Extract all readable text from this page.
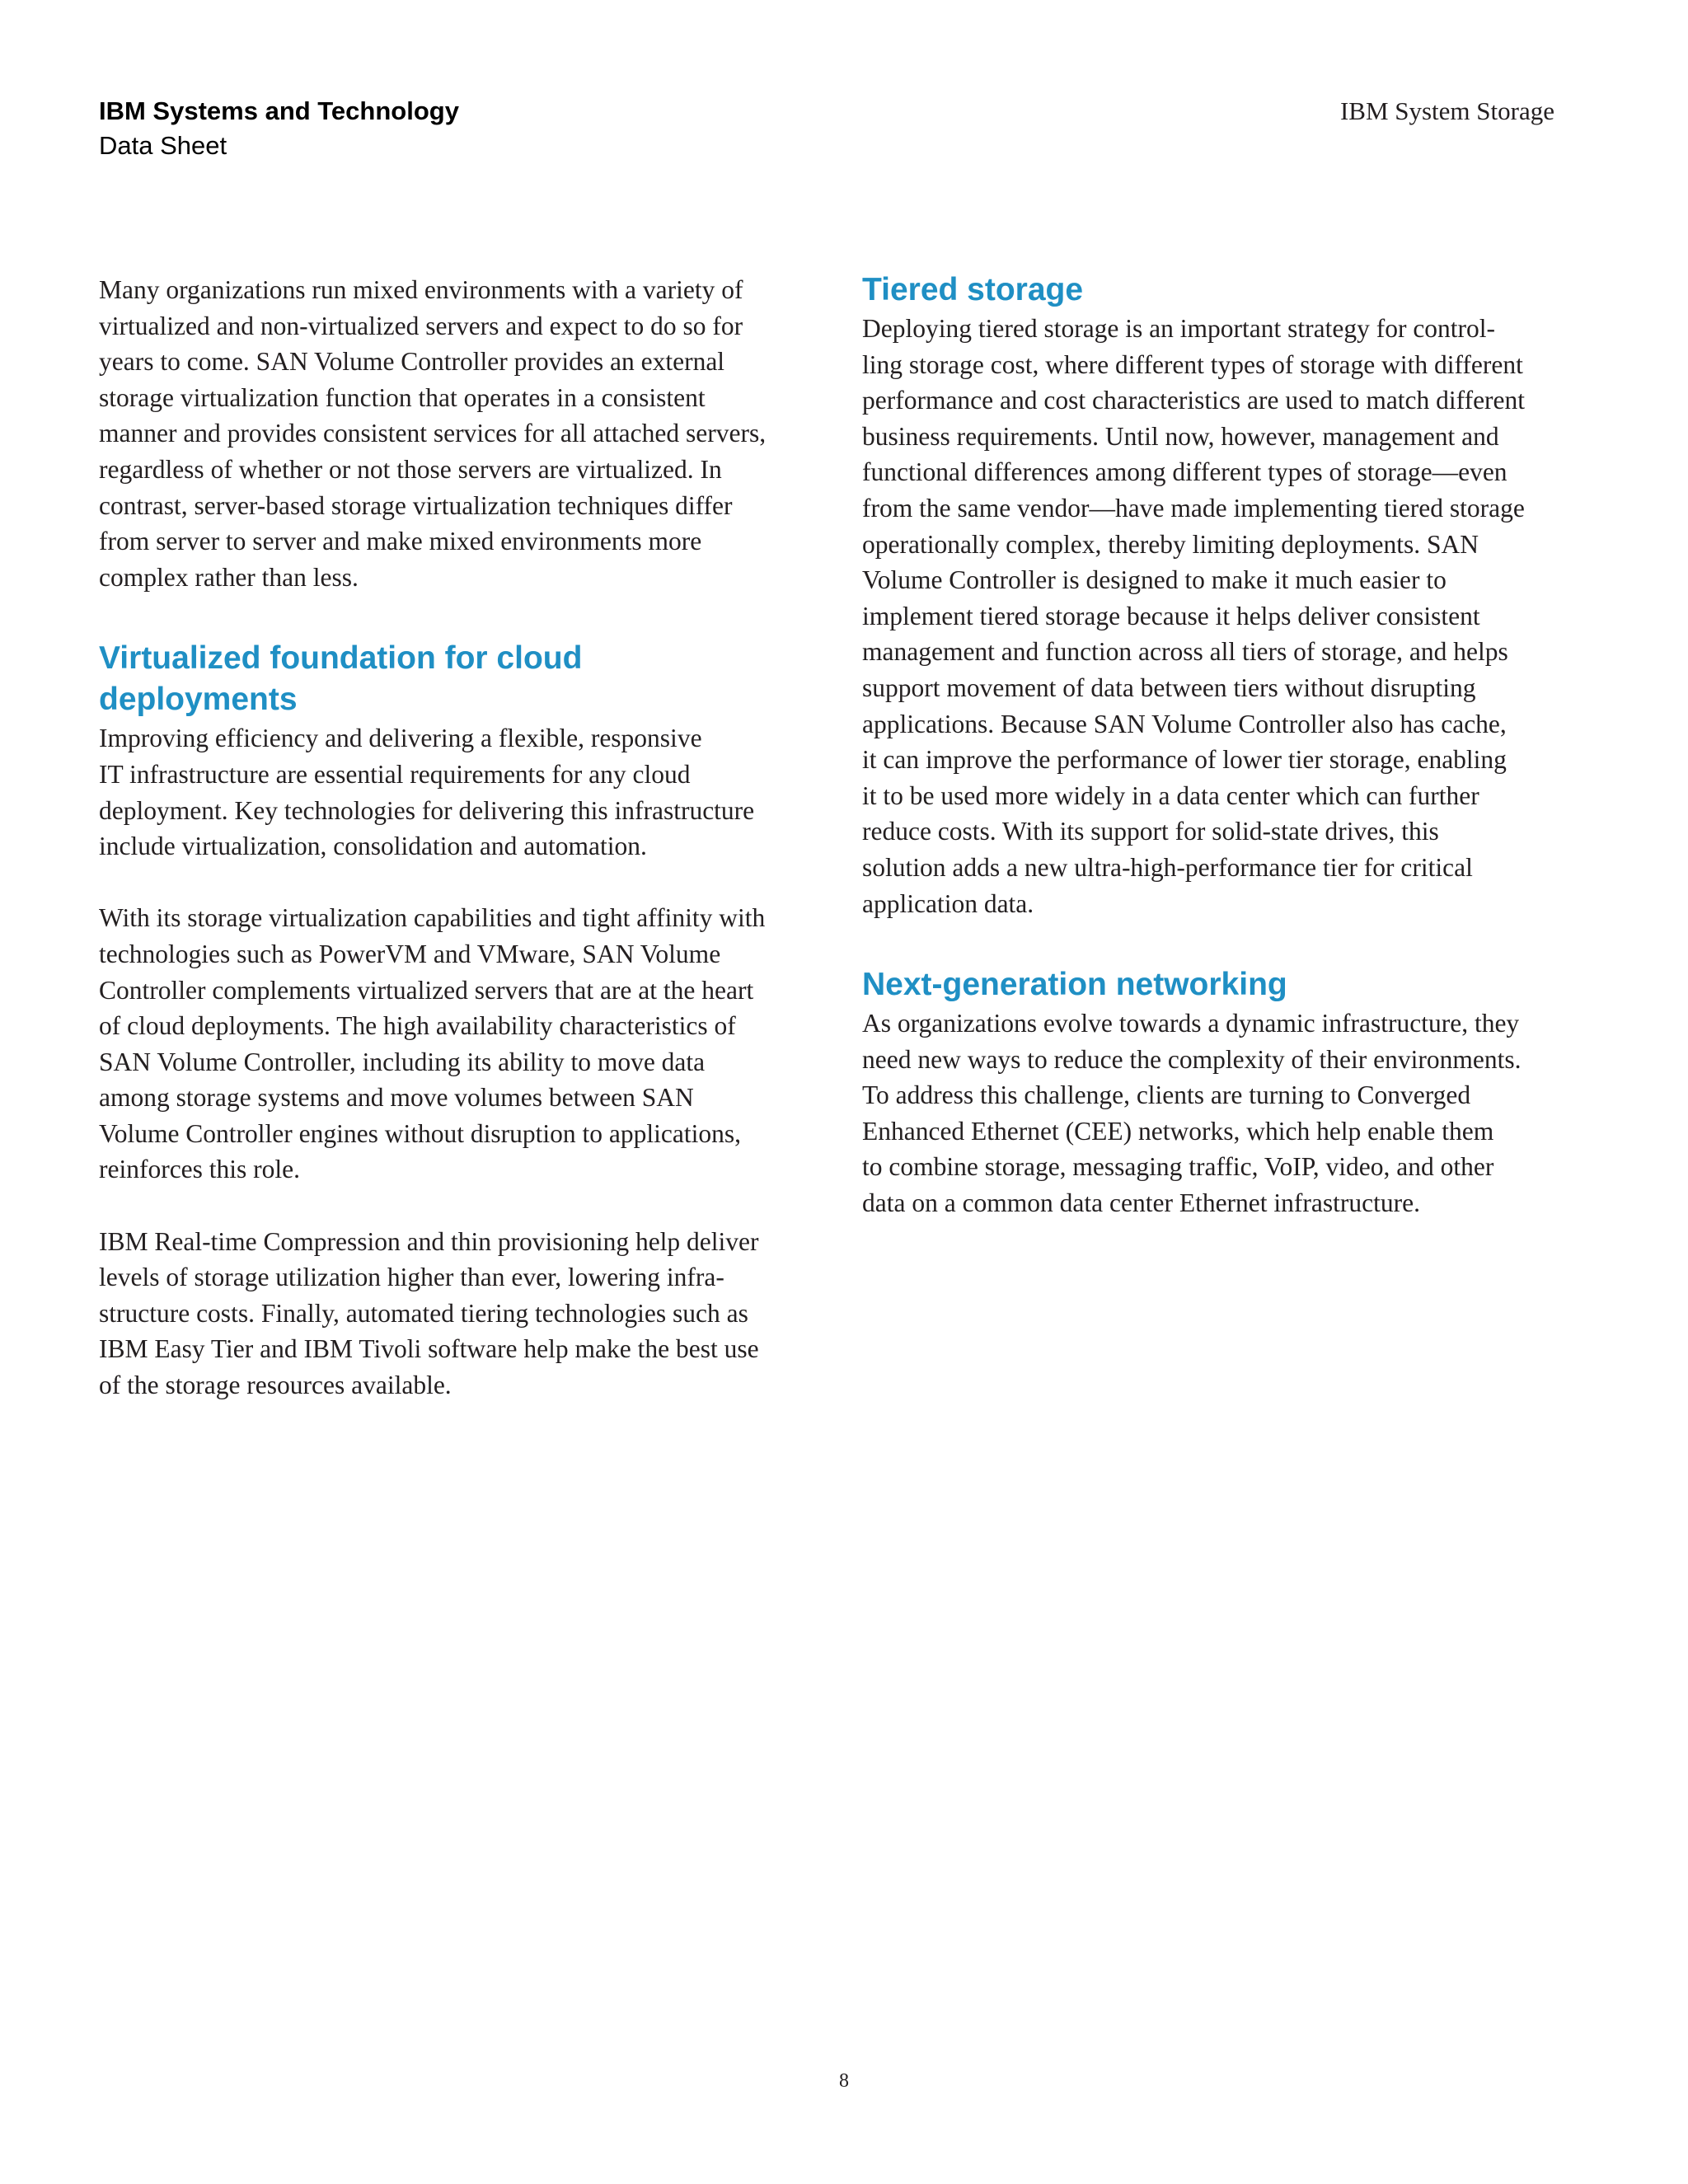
IBM Systems and Technology
Data Sheet
IBM System Storage

Many organizations run mixed environments with a variety of
virtualized and non-virtualized servers and expect to do so for
years to come. SAN Volume Controller provides an external
storage virtualization function that operates in a consistent
manner and provides consistent services for all attached servers,
regardless of whether or not those servers are virtualized. In
contrast, server-based storage virtualization techniques differ
from server to server and make mixed environments more
complex rather than less.

Virtualized foundation for cloud
deployments

Improving efficiency and delivering a flexible, responsive
IT infrastructure are essential requirements for any cloud
deployment. Key technologies for delivering this infrastructure
include virtualization, consolidation and automation.

With its storage virtualization capabilities and tight affinity with
technologies such as PowerVM and VMware, SAN Volume
Controller complements virtualized servers that are at the heart
of cloud deployments. The high availability characteristics of
SAN Volume Controller, including its ability to move data
among storage systems and move volumes between SAN
Volume Controller engines without disruption to applications,
reinforces this role.

IBM Real-time Compression and thin provisioning help deliver
levels of storage utilization higher than ever, lowering infra-
structure costs. Finally, automated tiering technologies such as
IBM Easy Tier and IBM Tivoli software help make the best use
of the storage resources available.

Tiered storage

Deploying tiered storage is an important strategy for control-
ling storage cost, where different types of storage with different
performance and cost characteristics are used to match different
business requirements. Until now, however, management and
functional differences among different types of storage—even
from the same vendor—have made implementing tiered storage
operationally complex, thereby limiting deployments. SAN
Volume Controller is designed to make it much easier to
implement tiered storage because it helps deliver consistent
management and function across all tiers of storage, and helps
support movement of data between tiers without disrupting
applications. Because SAN Volume Controller also has cache,
it can improve the performance of lower tier storage, enabling
it to be used more widely in a data center which can further
reduce costs. With its support for solid-state drives, this
solution adds a new ultra-high-performance tier for critical
application data.

Next-generation networking

As organizations evolve towards a dynamic infrastructure, they
need new ways to reduce the complexity of their environments.
To address this challenge, clients are turning to Converged
Enhanced Ethernet (CEE) networks, which help enable them
to combine storage, messaging traffic, VoIP, video, and other
data on a common data center Ethernet infrastructure.

8
